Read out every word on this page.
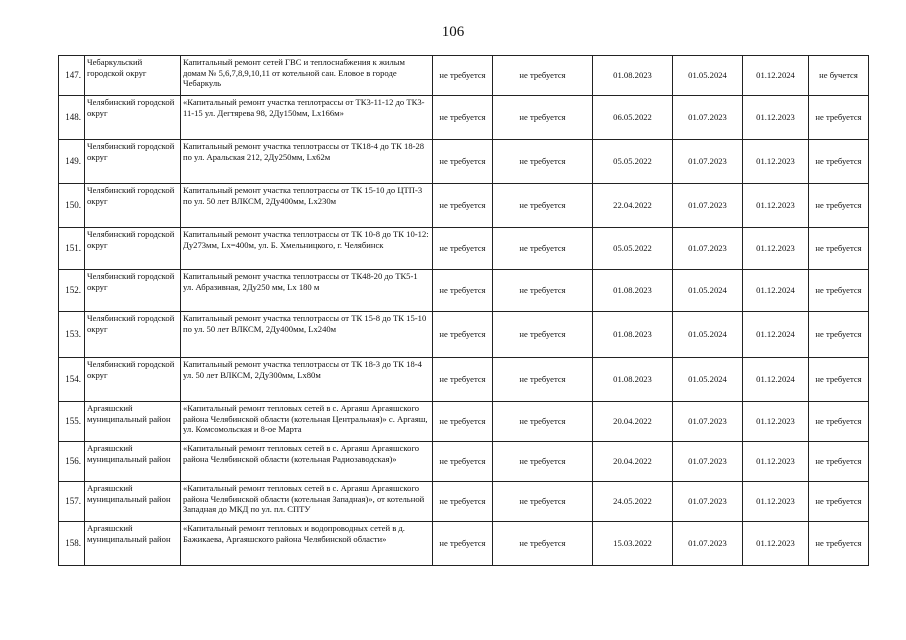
106
147.	Чебаркульский городской округ	Капитальный ремонт сетей ГВС и теплоснабжения к жилым домам № 5,6,7,8,9,10,11 от котельной сан. Еловое в городе Чебаркуль	не требуется	не требуется	01.08.2023	01.05.2024	01.12.2024	не бучется
148.	Челябинский городской округ	«Капитальный ремонт участка теплотрассы от ТК3-11-12 до ТК3-11-15 ул. Дегтярева 98, 2Ду150мм, Lх166м»	не требуется	не требуется	06.05.2022	01.07.2023	01.12.2023	не требуется
149.	Челябинский городской округ	Капитальный ремонт участка теплотрассы от ТК18-4 до ТК 18-28 по ул. Аральская 212, 2Ду250мм, Lх62м	не требуется	не требуется	05.05.2022	01.07.2023	01.12.2023	не требуется
150.	Челябинский городской округ	Капитальный ремонт участка теплотрассы от ТК 15-10 до ЦТП-3 по ул. 50 лет ВЛКСМ, 2Ду400мм, Lх230м	не требуется	не требуется	22.04.2022	01.07.2023	01.12.2023	не требуется
151.	Челябинский городской округ	Капитальный ремонт участка теплотрассы от ТК 10-8 до ТК 10-12: Ду273мм, Lх=400м, ул. Б. Хмельницкого, г. Челябинск	не требуется	не требуется	05.05.2022	01.07.2023	01.12.2023	не требуется
152.	Челябинский городской округ	Капитальный ремонт участка теплотрассы от ТК48-20 до ТК5-1 ул. Абразивная, 2Ду250 мм, Lх 180 м	не требуется	не требуется	01.08.2023	01.05.2024	01.12.2024	не требуется
153.	Челябинский городской округ	Капитальный ремонт участка теплотрассы от ТК 15-8 до ТК 15-10 по ул. 50 лет ВЛКСМ, 2Ду400мм, Lх240м	не требуется	не требуется	01.08.2023	01.05.2024	01.12.2024	не требуется
154.	Челябинский городской округ	Капитальный ремонт участка теплотрассы от ТК 18-3 до ТК 18-4 ул. 50 лет ВЛКСМ, 2Ду300мм, Lх80м	не требуется	не требуется	01.08.2023	01.05.2024	01.12.2024	не требуется
155.	Аргаяшский муниципальный район	«Капитальный ремонт тепловых сетей в с. Аргаяш Аргаяшского района Челябинской области (котельная Центральная)» с. Аргаяш, ул. Комсомольская и 8-ое Марта	не требуется	не требуется	20.04.2022	01.07.2023	01.12.2023	не требуется
156.	Аргаяшский муниципальный район	«Капитальный ремонт тепловых сетей в с. Аргаяш Аргаяшского района Челябинской области (котельная Радиозаводская)»	не требуется	не требуется	20.04.2022	01.07.2023	01.12.2023	не требуется
157.	Аргаяшский муниципальный район	«Капитальный ремонт тепловых сетей в с. Аргаяш Аргаяшского района Челябинской области (котельная Западная)», от котельной Западная до МКД по ул. пл. СПТУ	не требуется	не требуется	24.05.2022	01.07.2023	01.12.2023	не требуется
158.	Аргаяшский муниципальный район	«Капитальный ремонт тепловых и водопроводных сетей в д. Бажикаева, Аргаяшского района Челябинской области»	не требуется	не требуется	15.03.2022	01.07.2023	01.12.2023	не требуется
